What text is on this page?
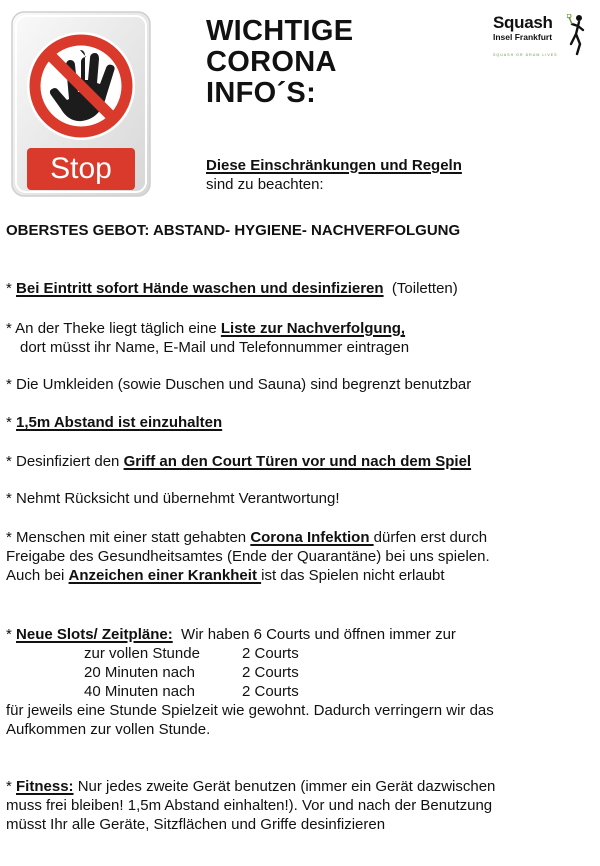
Stop
WICHTIGE
CORONA
INFO´S:
Squash
Insel Frankfurt
SQUASH OR DRUM LIVES
Diese Einschränkungen und Regeln
sind zu beachten:
OBERSTES GEBOT: ABSTAND- HYGIENE- NACHVERFOLGUNG
* Bei Eintritt sofort Hände waschen und desinfizieren  (Toiletten)
* An der Theke liegt täglich eine Liste zur Nachverfolgung,
dort müsst ihr Name, E-Mail und Telefonnummer eintragen
* Die Umkleiden (sowie Duschen und Sauna) sind begrenzt benutzbar
* 1,5m Abstand ist einzuhalten
* Desinfiziert den Griff an den Court Türen vor und nach dem Spiel
* Nehmt Rücksicht und übernehmt Verantwortung!
* Menschen mit einer statt gehabten Corona Infektion dürfen erst durch
Freigabe des Gesundheitsamtes (Ende der Quarantäne) bei uns spielen.
Auch bei Anzeichen einer Krankheit ist das Spielen nicht erlaubt
* Neue Slots/ Zeitpläne:  Wir haben 6 Courts und öffnen immer zur
zur vollen Stunde	2 Courts
20 Minuten nach	2 Courts
40 Minuten nach	2 Courts
für jeweils eine Stunde Spielzeit wie gewohnt. Dadurch verringern wir das
Aufkommen zur vollen Stunde.
* Fitness: Nur jedes zweite Gerät benutzen (immer ein Gerät dazwischen
muss frei bleiben! 1,5m Abstand einhalten!). Vor und nach der Benutzung
müsst Ihr alle Geräte, Sitzflächen und Griffe desinfizieren
